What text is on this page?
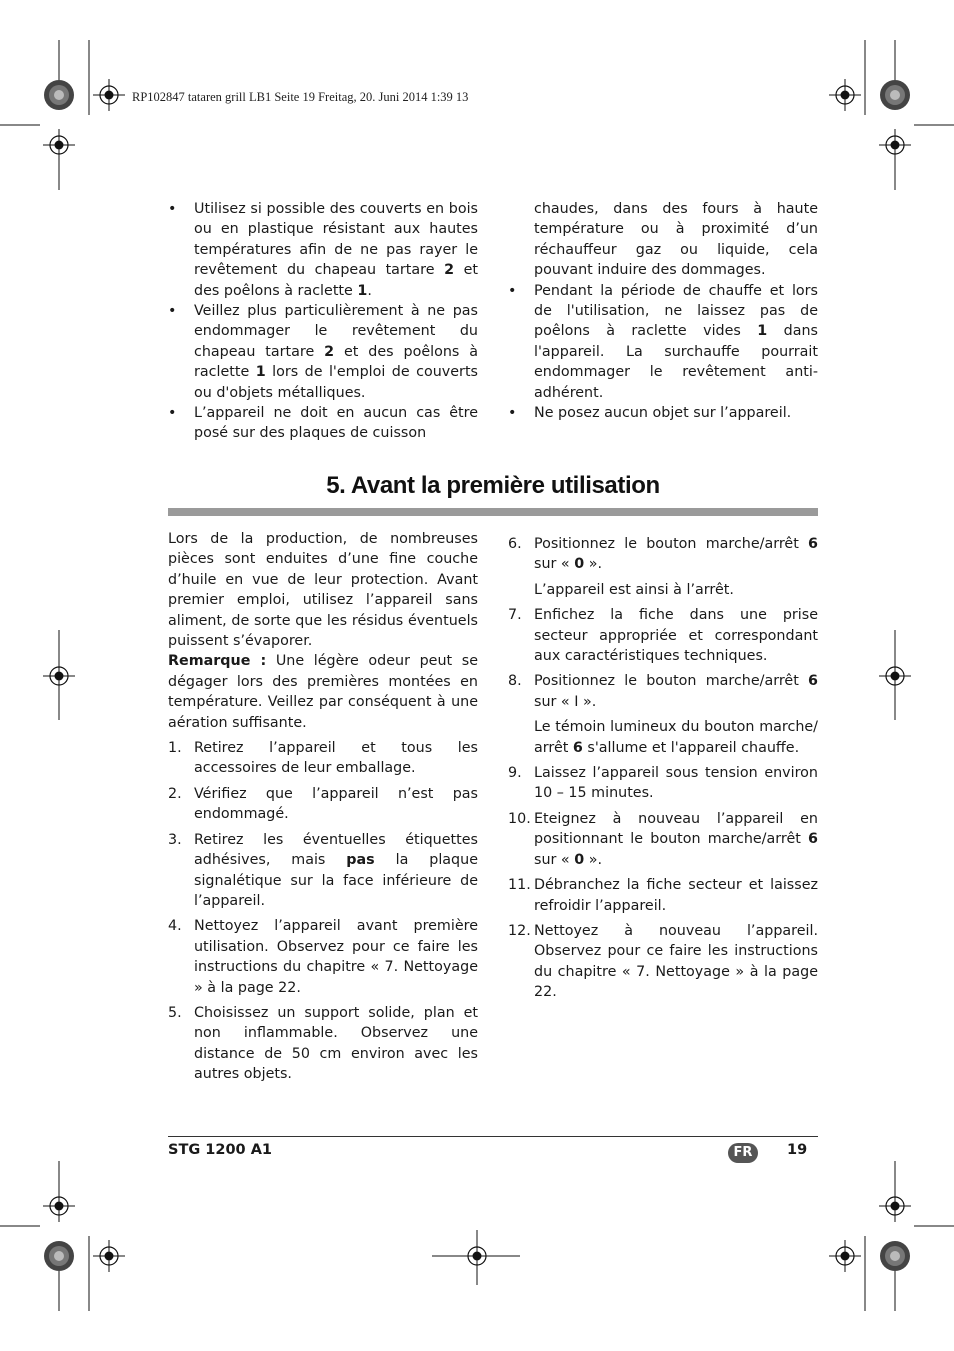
RP102847 tataren grill LB1 Seite 19 Freitag, 20. Juni 2014 1:39 13
• Utilisez si possible des couverts en bois ou en plastique résistant aux hautes températures afin de ne pas rayer le revêtement du chapeau tartare 2 et des poêlons à raclette 1.
• Veillez plus particulièrement à ne pas endommager le revêtement du chapeau tartare 2 et des poêlons à raclette 1 lors de l'emploi de couverts ou d'objets métalliques.
• L’appareil ne doit en aucun cas être posé sur des plaques de cuisson

chaudes, dans des fours à haute température ou à proximité d’un réchauffeur gaz ou liquide, cela pouvant induire des dommages.

• Pendant la période de chauffe et lors de l'utilisation, ne laissez pas de poêlons à raclette vides 1 dans l'appareil. La surchauffe pourrait endommager le revêtement anti-adhérent.
• Ne posez aucun objet sur l’appareil.
5. Avant la première utilisation

Lors de la production, de nombreuses pièces sont enduites d’une fine couche d’huile en vue de leur protection. Avant premier emploi, utilisez l’appareil sans aliment, de sorte que les résidus éventuels puissent s’évaporer.

Remarque : Une légère odeur peut se dégager lors des premières montées en température. Veillez par conséquent à une aération suffisante.

1. Retirez l’appareil et tous les accessoires de leur emballage.
2. Vérifiez que l’appareil n’est pas endommagé.
3. Retirez les éventuelles étiquettes adhésives, mais pas la plaque signalétique sur la face inférieure de l’appareil.
4. Nettoyez l’appareil avant première utilisation. Observez pour ce faire les instructions du chapitre « 7. Nettoyage » à la page 22.
5. Choisissez un support solide, plan et non inflammable. Observez une distance de 50 cm environ avec les autres objets.
6. Positionnez le bouton marche/arrêt 6 sur « 0 ».
L’appareil est ainsi à l’arrêt.
7. Enfichez la fiche dans une prise secteur appropriée et correspondant aux caractéristiques techniques.
8. Positionnez le bouton marche/arrêt 6 sur « I ».
Le témoin lumineux du bouton marche/ arrêt 6 s'allume et l'appareil chauffe.
9. Laissez l’appareil sous tension environ 10 – 15 minutes.
10. Eteignez à nouveau l’appareil en positionnant le bouton marche/arrêt 6 sur « 0 ».
11. Débranchez la fiche secteur et laissez refroidir l’appareil.
12. Nettoyez à nouveau l’appareil. Observez pour ce faire les instructions du chapitre « 7. Nettoyage » à la page 22.
STG 1200 A1	FR	19
